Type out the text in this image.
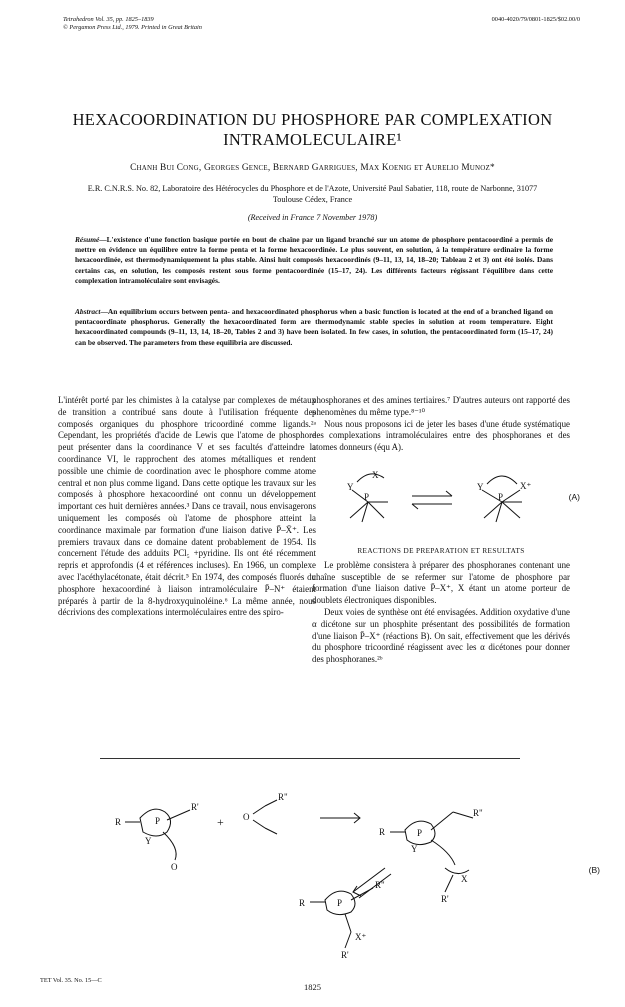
Tetrahedron Vol. 35, pp. 1825–1839
© Pergamon Press Ltd., 1979. Printed in Great Britain
0040-4020/79/0801-1825/$02.00/0
HEXACOORDINATION DU PHOSPHORE PAR COMPLEXATION INTRAMOLECULAIRE¹
Chanh Bui Cong, Georges Gence, Bernard Garrigues, Max Koenig et Aurelio Munoz*
E.R. C.N.R.S. No. 82, Laboratoire des Hétérocycles du Phosphore et de l'Azote, Université Paul Sabatier, 118, route de Narbonne, 31077 Toulouse Cédex, France
(Received in France 7 November 1978)
Résumé—L'existence d'une fonction basique portée en bout de chaîne par un ligand branché sur un atome de phosphore pentacoordiné a permis de mettre en évidence un équilibre entre la forme penta et la forme hexacoordinée. Le plus souvent, en solution, à la température ordinaire la forme hexacoordinée, est thermodynamiquement la plus stable. Ainsi huit composés hexacoordinés (9–11, 13, 14, 18–20; Tableau 2 et 3) ont été isolés. Dans certains cas, en solution, les composés restent sous forme pentacoordinée (15–17, 24). Les différents facteurs régissant l'équilibre dans cette complexation intramoléculaire sont envisagés.
Abstract—An equilibrium occurs between penta- and hexacoordinated phosphorus when a basic function is located at the end of a branched ligand on pentacoordinate phosphorus. Generally the hexacoordinated form are thermodynamic stable species in solution at room temperature. Eight hexacoordinated compounds (9–11, 13, 14, 18–20, Tables 2 and 3) have been isolated. In few cases, in solution, the pentacoordinated form (15–17, 24) can be observed. The parameters from these equilibria are discussed.

L'intérêt porté par les chimistes à la catalyse par complexes de métaux de transition a contribué sans doute à l'utilisation fréquente des composés organiques du phosphore tricoordiné comme ligands.²ᵃ Cependant, les propriétés d'acide de Lewis que l'atome de phosphore peut présenter dans la coordinance V et ses facultés d'atteindre la coordinance VI, le rapprochent des atomes métalliques et rendent possible une chimie de coordination avec le phosphore comme atome central et non plus comme ligand. Dans cette optique les travaux sur les composés à phosphore hexacoordiné ont connu un développement important ces huit dernières années.³ Dans ce travail, nous envisagerons uniquement les composés où l'atome de phosphore atteint la coordinance maximale par formation d'une liaison dative P̄–X̄⁺. Les premiers travaux dans ce domaine datent probablement de 1954. Ils concernent l'étude des adduits PCl₅ +pyridine. Ils ont été récemment repris et approfondis (4 et références incluses). En 1966, un complexe avec l'acéthylacétonate, était décrit.⁵ En 1974, des composés fluorés du phosphore hexacoordiné à liaison intramoléculaire P̄–N⁺ étaient préparés à partir de la 8-hydroxyquinoléine.⁶ La même année, nous décrivions des complexations intermoléculaires entre des spiro-

phosphoranes et des amines tertiaires.⁷ D'autres auteurs ont rapporté des phenomènes du même type.⁸⁻¹⁰

Nous nous proposons ici de jeter les bases d'une étude systématique des complexations intramoléculaires entre des phosphoranes et des atomes donneurs (équ A).

X
Y
P
Y
P
X⁺
(A)
REACTIONS DE PREPARATION ET RESULTATS

Le problème consistera à préparer des phosphoranes contenant une chaîne susceptible de se refermer sur l'atome de phosphore par formation d'une liaison dative P̄–X⁺, X étant un atome porteur de doublets électroniques disponibles.

Deux voies de synthèse ont été envisagées. Addition oxydative d'une α dicétone sur un phosphite présentant des possibilités de formation d'une liaison P̄–X⁺ (réactions B). On sait, effectivement que les dérivés du phosphore tricoordiné réagissent avec les α dicétones pour donner des phosphoranes.²ᵇ

R	P
Y
R'
O
+ O
R"
R	P
Y
R"
X
R'
R	P
R"
X⁺
R'
(B)
TET Vol. 35. No. 15—C
1825
